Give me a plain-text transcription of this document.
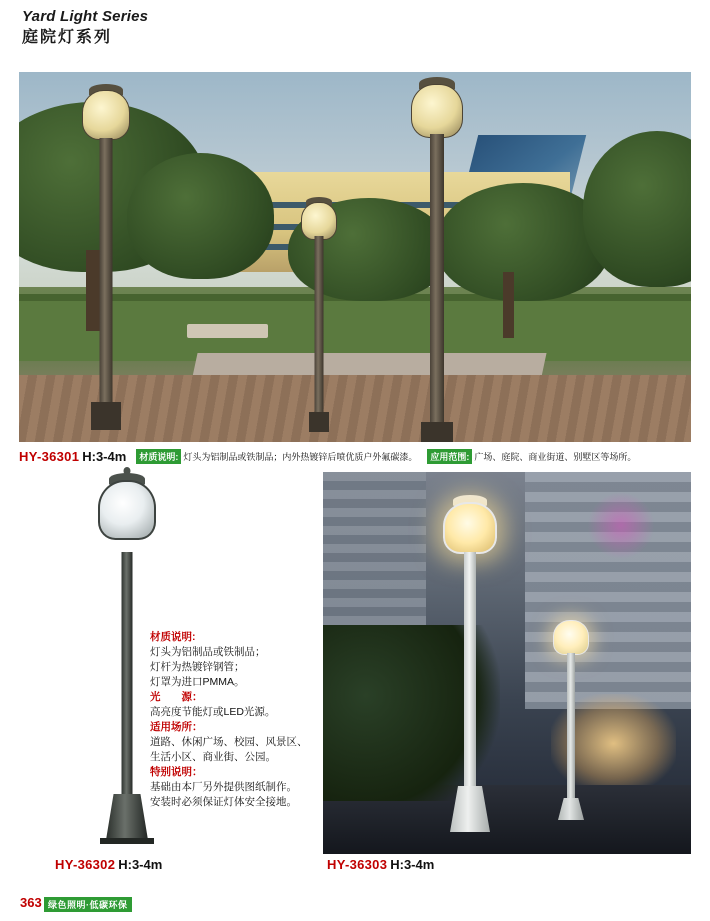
Yard Light Series
庭院灯系列
HY-36301 H:3-4m 材质说明: 灯头为铝制品或铁制品；内外热镀锌后喷优质户外氟碳漆。 应用范围: 广场、庭院、商业街道、别墅区等场所。
材质说明:
灯头为铝制品或铁制品；
灯杆为热镀锌钢管；
灯罩为进口PMMA。
光　　源：
高亮度节能灯或LED光源。
适用场所：
道路、休闲广场、校园、风景区、
生活小区、商业街、公园。
特别说明：
基础由本厂另外提供图纸制作。
安装时必须保证灯体安全接地。
HY-36302 H:3-4m	HY-36303 H:3-4m
363 绿色照明·低碳环保
